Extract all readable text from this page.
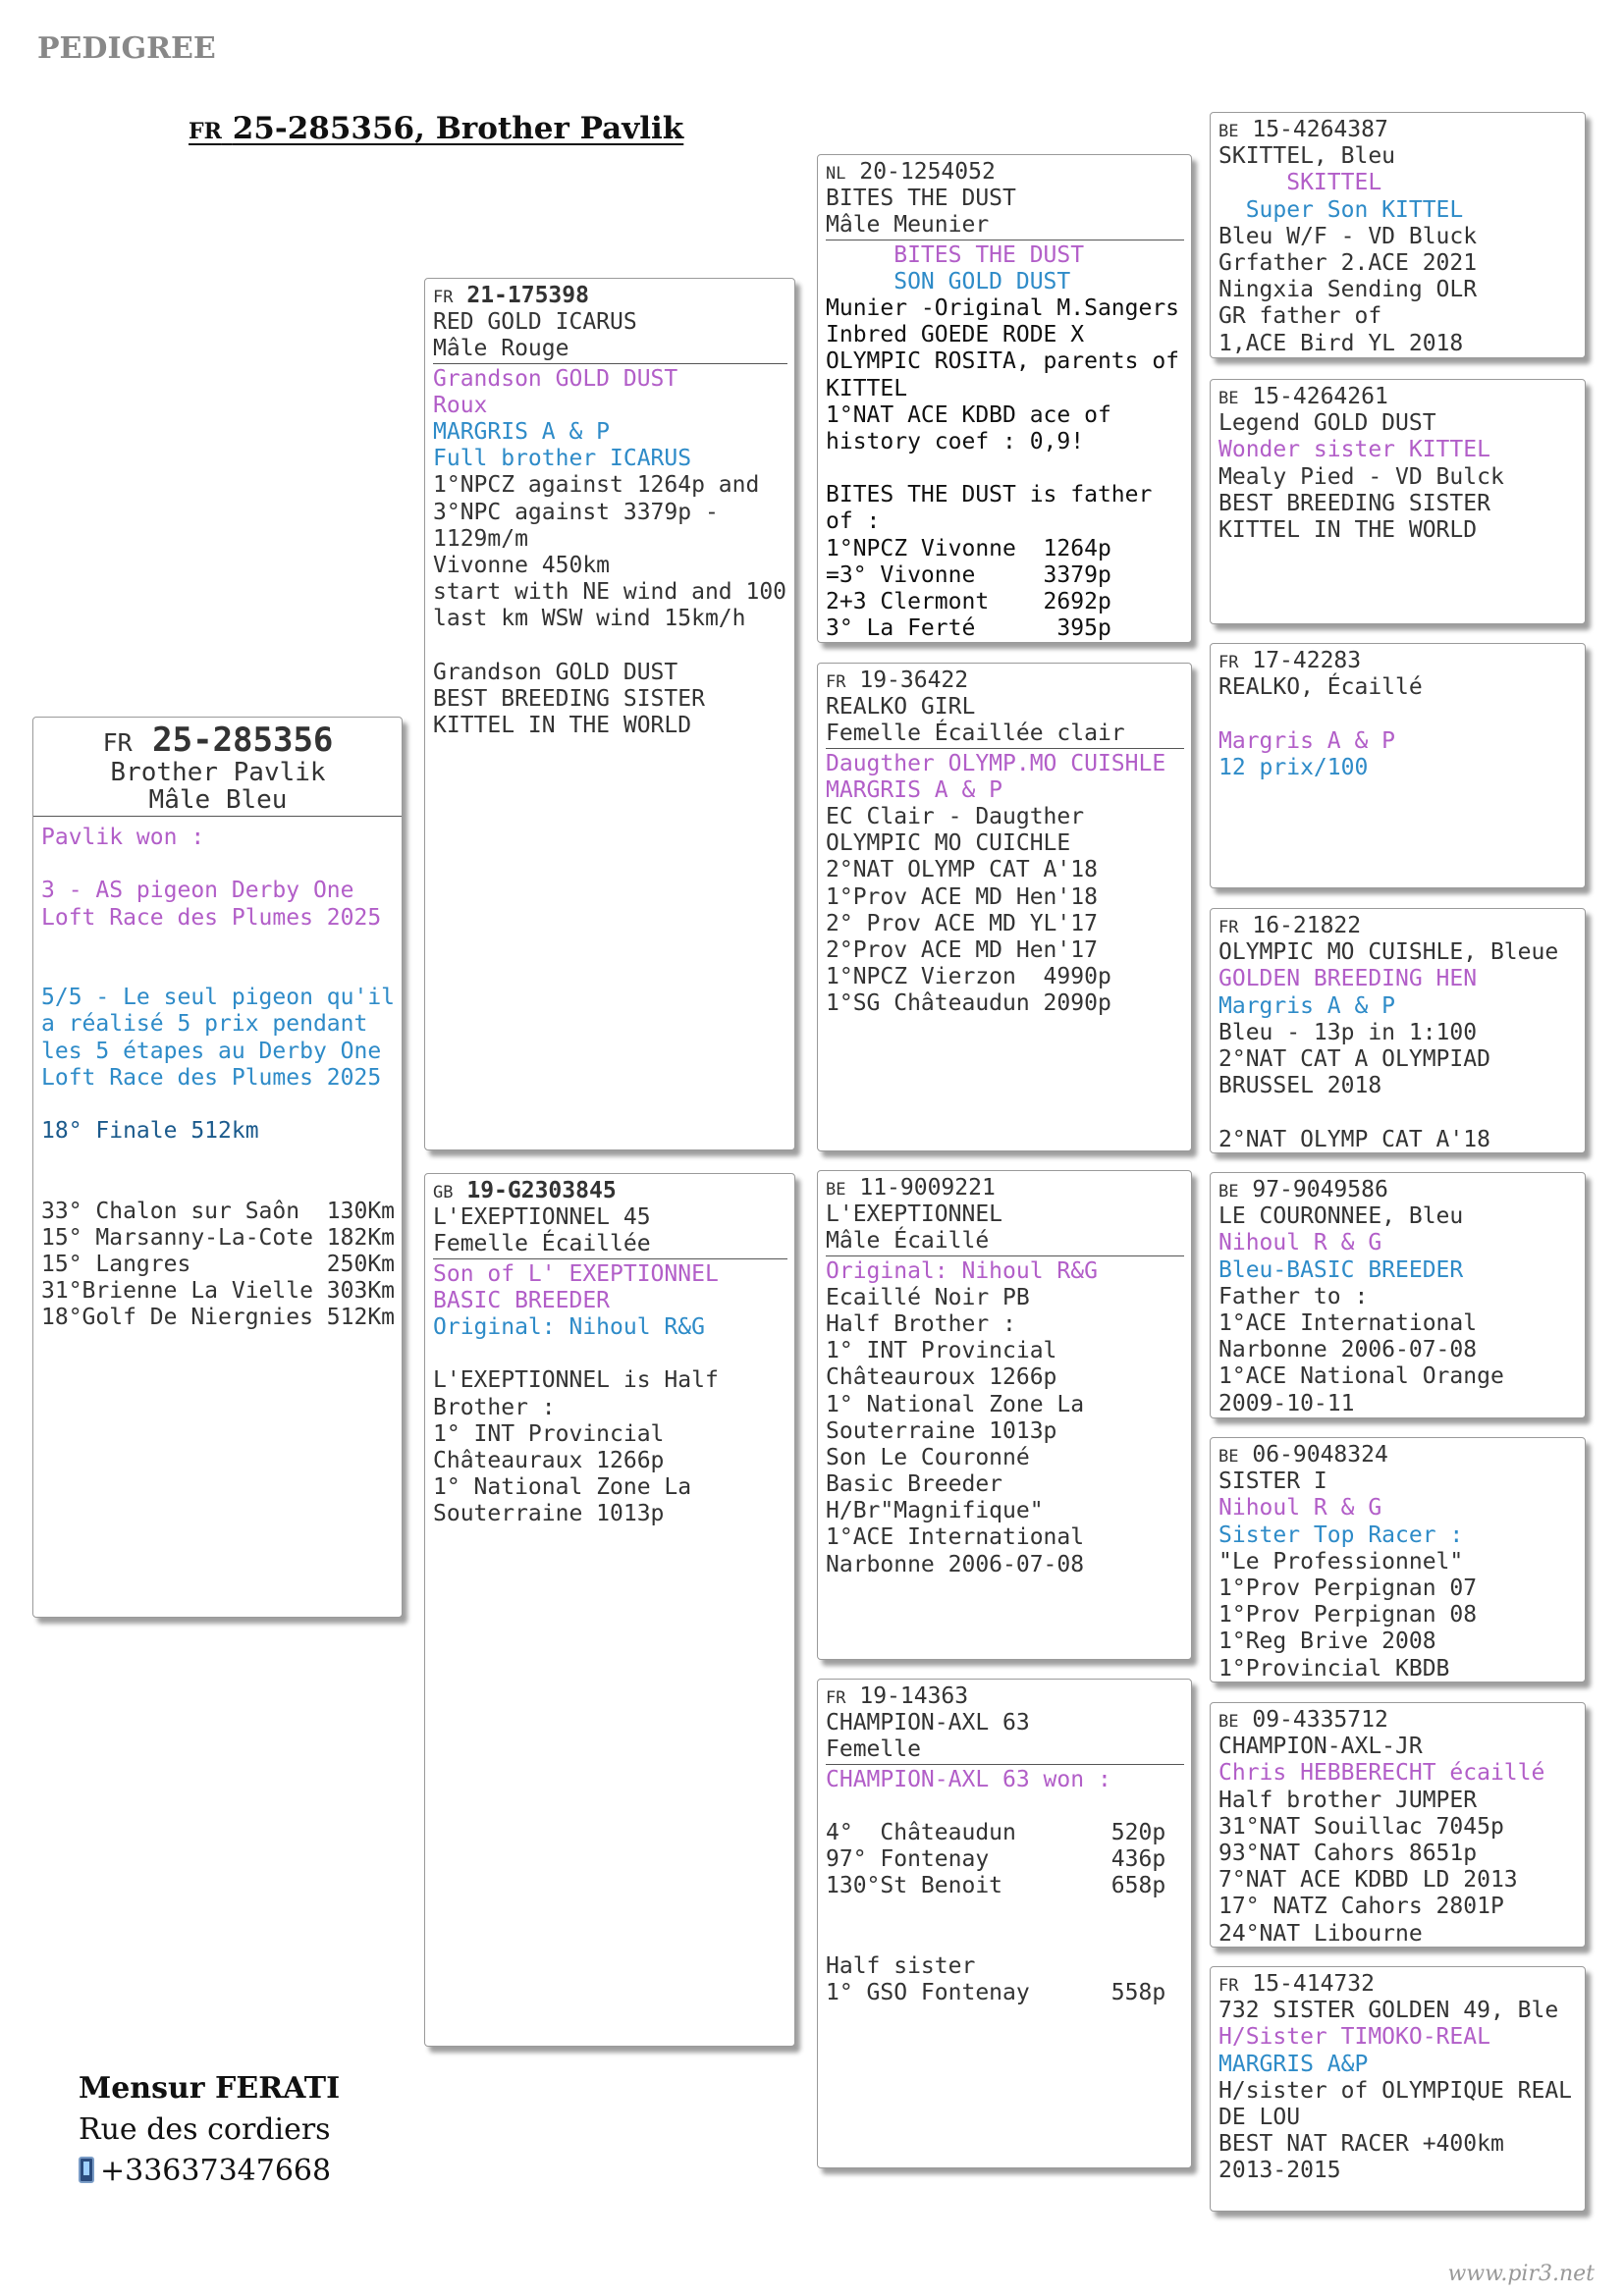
PEDIGREE
FR 25-285356, Brother Pavlik
FR 25-285356
Brother Pavlik
Mâle Bleu
Pavlik won :

3 - AS pigeon Derby One
Loft Race des Plumes 2025

5/5 - Le seul pigeon qu'il
a réalisé 5 prix pendant
les 5 étapes au Derby One
Loft Race des Plumes 2025

18° Finale 512km

33° Chalon sur Saôn  130Km
15° Marsanny-La-Cote 182Km
15° Langres          250Km
31°Brienne La Vielle 303Km
18°Golf De Niergnies 512Km
FR 21-175398
RED GOLD ICARUS
Mâle Rouge
Grandson GOLD DUST
Roux
MARGRIS A & P
Full brother ICARUS
1°NPCZ against 1264p and
3°NPC against 3379p -
1129m/m
Vivonne 450km
start with NE wind and 100
last km WSW wind 15km/h

Grandson GOLD DUST
BEST BREEDING SISTER
KITTEL IN THE WORLD
GB 19-G2303845
L'EXEPTIONNEL 45
Femelle Écaillée
Son of L' EXEPTIONNEL
BASIC BREEDER
Original: Nihoul R&G

L'EXEPTIONNEL is Half
Brother :
1° INT Provincial
Châteauraux 1266p
1° National Zone La
Souterraine 1013p
NL 20-1254052
BITES THE DUST
Mâle Meunier
BITES THE DUST
SON GOLD DUST
Munier -Original M.Sangers
Inbred GOEDE RODE X
OLYMPIC ROSITA, parents of
KITTEL
1°NAT ACE KDBD ace of
history coef : 0,9!

BITES THE DUST is father
of :
1°NPCZ Vivonne  1264p
=3° Vivonne     3379p
2+3 Clermont    2692p
3° La Ferté      395p
FR 19-36422
REALKO GIRL
Femelle Écaillée clair
Daugther OLYMP.MO CUISHLE
MARGRIS A & P
EC Clair - Daugther
OLYMPIC MO CUICHLE
2°NAT OLYMP CAT A'18
1°Prov ACE MD Hen'18
2° Prov ACE MD YL'17
2°Prov ACE MD Hen'17
1°NPCZ Vierzon  4990p
1°SG Châteaudun 2090p
BE 11-9009221
L'EXEPTIONNEL
Mâle Écaillé
Original: Nihoul R&G
Ecaillé Noir PB
Half Brother :
1° INT Provincial
Châteauroux 1266p
1° National Zone La
Souterraine 1013p
Son Le Couronné
Basic Breeder
H/Br"Magnifique"
1°ACE International
Narbonne 2006-07-08
FR 19-14363
CHAMPION-AXL 63
Femelle
CHAMPION-AXL 63 won :

4°  Châteaudun       520p
97° Fontenay         436p
130°St Benoit        658p

Half sister
1° GSO Fontenay      558p
BE 15-4264387
SKITTEL, Bleu
SKITTEL
Super Son KITTEL
Bleu W/F - VD Bluck
Grfather 2.ACE 2021
Ningxia Sending OLR
GR father of
1,ACE Bird YL 2018
BE 15-4264261
Legend GOLD DUST
Wonder sister KITTEL
Mealy Pied - VD Bulck
BEST BREEDING SISTER
KITTEL IN THE WORLD
FR 17-42283
REALKO, Écaillé

Margris A & P
12 prix/100
FR 16-21822
OLYMPIC MO CUISHLE, Bleue
GOLDEN BREEDING HEN
Margris A & P
Bleu - 13p in 1:100
2°NAT CAT A OLYMPIAD
BRUSSEL 2018

2°NAT OLYMP CAT A'18
BE 97-9049586
LE COURONNEE, Bleu
Nihoul R & G
Bleu-BASIC BREEDER
Father to :
1°ACE International
Narbonne 2006-07-08
1°ACE National Orange
2009-10-11
BE 06-9048324
SISTER I
Nihoul R & G
Sister Top Racer :
"Le Professionnel"
1°Prov Perpignan 07
1°Prov Perpignan 08
1°Reg Brive 2008
1°Provincial KBDB
BE 09-4335712
CHAMPION-AXL-JR
Chris HEBBERECHT écaillé
Half brother JUMPER
31°NAT Souillac 7045p
93°NAT Cahors 8651p
7°NAT ACE KDBD LD 2013
17° NATZ Cahors 2801P
24°NAT Libourne
FR 15-414732
732 SISTER GOLDEN 49, Ble
H/Sister TIMOKO-REAL
MARGRIS A&P
H/sister of OLYMPIQUE REAL
DE LOU
BEST NAT RACER +400km
2013-2015
Mensur FERATI
Rue des cordiers
+33637347668
www.pir3.net
